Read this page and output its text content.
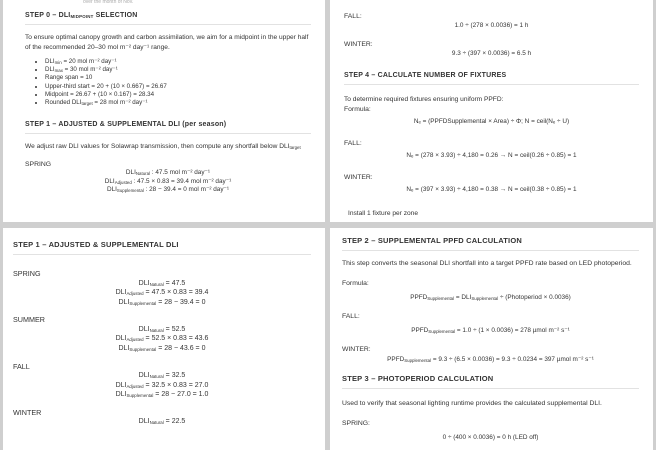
over the month of Nov.
STEP $0 - DLI_{MIDPOINT}$ SELECTION

To ensure optimal canopy growth and carbon assimilation, we aim for a midpoint in the upper half of the recommended 20–30 mol m⁻² day⁻¹ range.

• $DLI_{min} = 20$ mol m⁻² day⁻¹
• $DLI_{max} = 30$ mol m⁻² day⁻¹
• Range span = 10
• Upper-third start = 20 + (10 × 0.667) = 26.67
• Midpoint = 26.67 + (10 × 0.167) = 28.34
• Rounded $DLI_{target} = 28$ mol m⁻² day⁻¹
STEP 1 – ADJUSTED & SUPPLEMENTAL DLI (per season)

We adjust raw DLI values for Solawrap transmission, then compute any shortfall below $DLI_{target}$

SPRING

$DLI_{Natural}$ : 47.5 mol m⁻² day⁻¹
$DLI_{Adjusted}$ : 47.5 × 0.83 = 39.4 mol m⁻² day⁻¹
$DLI_{Supplemental}$ : 28 − 39.4 = 0 mol m⁻² day⁻¹

FALL:

1.0 ÷ (278 × 0.0036) = 1 h

WINTER:

9.3 ÷ (397 × 0.0036) = 6.5 h
STEP 4 – CALCULATE NUMBER OF FIXTURES

To determine required fixtures ensuring uniform PPFD:

Formula:

Nₑ = (PPFDSupplemental × Area) ÷ Φ; N = ceil(Nₑ ÷ U)

FALL:

Nₑ = (278 × 3.93) ÷ 4,180 = 0.26 → N = ceil(0.26 ÷ 0.85) = 1

WINTER:

Nₑ = (397 × 3.93) ÷ 4,180 = 0.38 → N = ceil(0.38 ÷ 0.85) = 1

Install 1 fixture per zone

STEP 1 – ADJUSTED & SUPPLEMENTAL DLI

SPRING

$DLI_{Natural} = 47.5$
$DLI_{Adjusted} = 47.5 \times 0.83 = 39.4$
$DLI_{Supplemental} = 28 - 39.4 = 0$

SUMMER

$DLI_{Natural} = 52.5$
$DLI_{Adjusted} = 52.5 \times 0.83 = 43.6$
$DLI_{Supplemental} = 28 - 43.6 = 0$

FALL

$DLI_{Natural} = 32.5$
$DLI_{Adjusted} = 32.5 \times 0.83 = 27.0$
$DLI_{Supplemental} = 28 - 27.0 = 1.0$

WINTER

$DLI_{Natural} = 22.5$
STEP 2 – SUPPLEMENTAL PPFD CALCULATION

This step converts the seasonal DLI shortfall into a target PPFD rate based on LED photoperiod.

Formula:

$PPFD_{Supplemental} = DLI_{Supplemental}$ ÷ (Photoperiod × 0.0036)

FALL:

$PPFD_{Supplemental} = 1.0 \div (1 \times 0.0036) = 278$ µmol m⁻² s⁻¹

WINTER:

$PPFD_{Supplemental} = 9.3 \div (6.5 \times 0.0036) = 9.3 \div 0.0234 = 397$ µmol m⁻² s⁻¹
STEP 3 – PHOTOPERIOD CALCULATION

Used to verify that seasonal lighting runtime provides the calculated supplemental DLI.

SPRING:

0 ÷ (400 × 0.0036) = 0 h (LED off)
